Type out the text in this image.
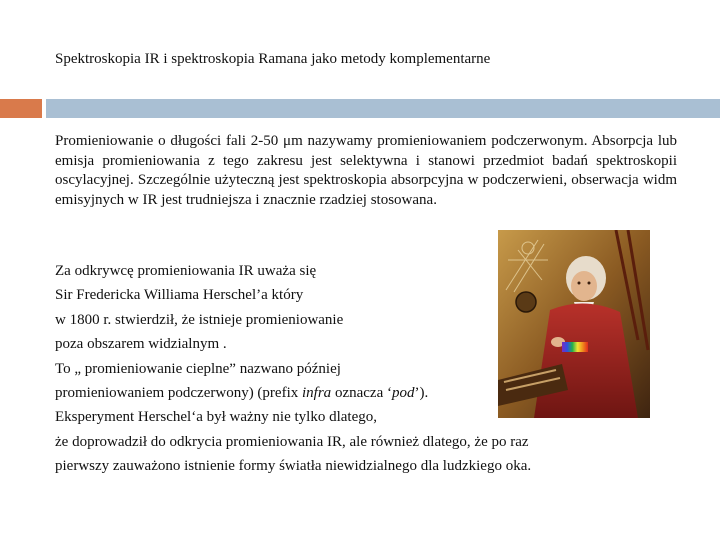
Spektroskopia IR i spektroskopia Ramana jako metody komplementarne

Promieniowanie o długości fali 2-50 μm nazywamy promieniowaniem podczerwonym. Absorpcja lub emisja promieniowania z tego zakresu jest selektywna i stanowi przedmiot badań spektroskopii oscylacyjnej. Szczególnie użyteczną jest spektroskopia absorpcyjna w podczerwieni, obserwacja widm emisyjnych w IR jest trudniejsza i znacznie rzadziej stosowana.

Za odkrywcę promieniowania IR uważa się
Sir Fredericka Williama Herschel’a który
w 1800 r. stwierdził, że istnieje promieniowanie
poza obszarem widzialnym .
To „ promieniowanie cieplne” nazwano później
promieniowaniem podczerwony) (prefix infra oznacza ‘pod’).
Eksperyment Herschel‘a był ważny nie tylko dlatego,
że doprowadził do odkrycia promieniowania IR, ale również dlatego, że po raz
pierwszy zauważono istnienie formy światła niewidzialnego dla ludzkiego oka.
